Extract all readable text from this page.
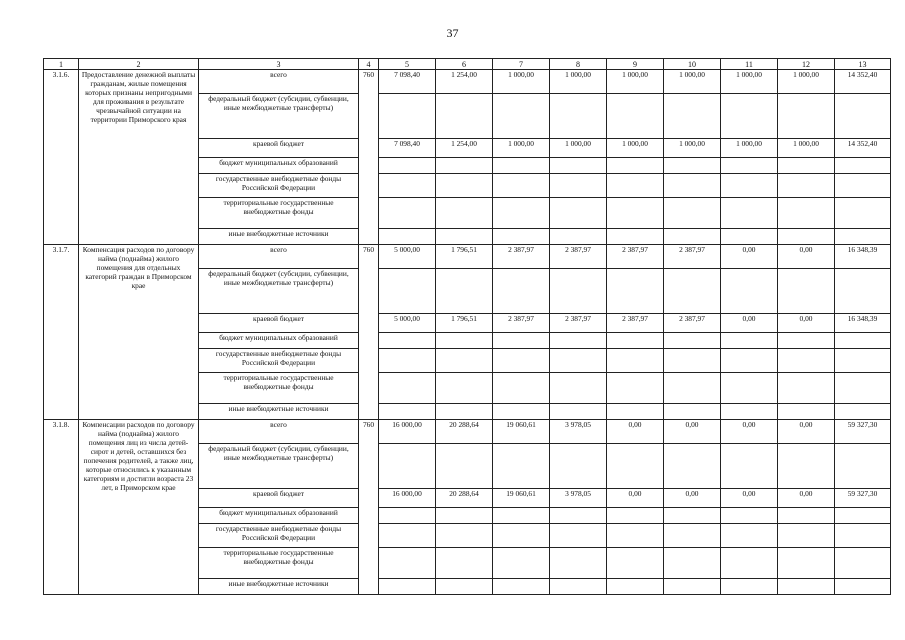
37
1	2	3	4	5	6	7	8	9	10	11	12	13
3.1.6.	Предоставление денежной выплаты гражданам, жилые помещения которых признаны непригодными для проживания в результате чрезвычайной ситуации на территории Приморского края	всего	760	7 098,40	1 254,00	1 000,00	1 000,00	1 000,00	1 000,00	1 000,00	1 000,00	14 352,40
		федеральный бюджет (субсидии, субвенции, иные межбюджетные трансферты)										
		краевой бюджет		7 098,40	1 254,00	1 000,00	1 000,00	1 000,00	1 000,00	1 000,00	1 000,00	14 352,40
		бюджет муниципальных образований										
		государственные внебюджетные фонды Российской Федерации										
		территориальные государственные внебюджетные фонды										
		иные внебюджетные источники										
3.1.7.	Компенсация расходов по договору найма (поднайма) жилого помещения для отдельных категорий граждан в Приморском крае	всего	760	5 000,00	1 796,51	2 387,97	2 387,97	2 387,97	2 387,97	0,00	0,00	16 348,39
		федеральный бюджет (субсидии, субвенции, иные межбюджетные трансферты)										
		краевой бюджет		5 000,00	1 796,51	2 387,97	2 387,97	2 387,97	2 387,97	0,00	0,00	16 348,39
		бюджет муниципальных образований										
		государственные внебюджетные фонды Российской Федерации										
		территориальные государственные внебюджетные фонды										
		иные внебюджетные источники										
3.1.8.	Компенсации расходов по договору найма (поднайма) жилого помещения лиц из числа детей-сирот и детей, оставшихся без попечения родителей, а также лиц, которые относились к указанным категориям и достигли возраста 23 лет, в Приморском крае	всего	760	16 000,00	20 288,64	19 060,61	3 978,05	0,00	0,00	0,00	0,00	59 327,30
		федеральный бюджет (субсидии, субвенции, иные межбюджетные трансферты)										
		краевой бюджет		16 000,00	20 288,64	19 060,61	3 978,05	0,00	0,00	0,00	0,00	59 327,30
		бюджет муниципальных образований										
		государственные внебюджетные фонды Российской Федерации										
		территориальные государственные внебюджетные фонды										
		иные внебюджетные источники										
